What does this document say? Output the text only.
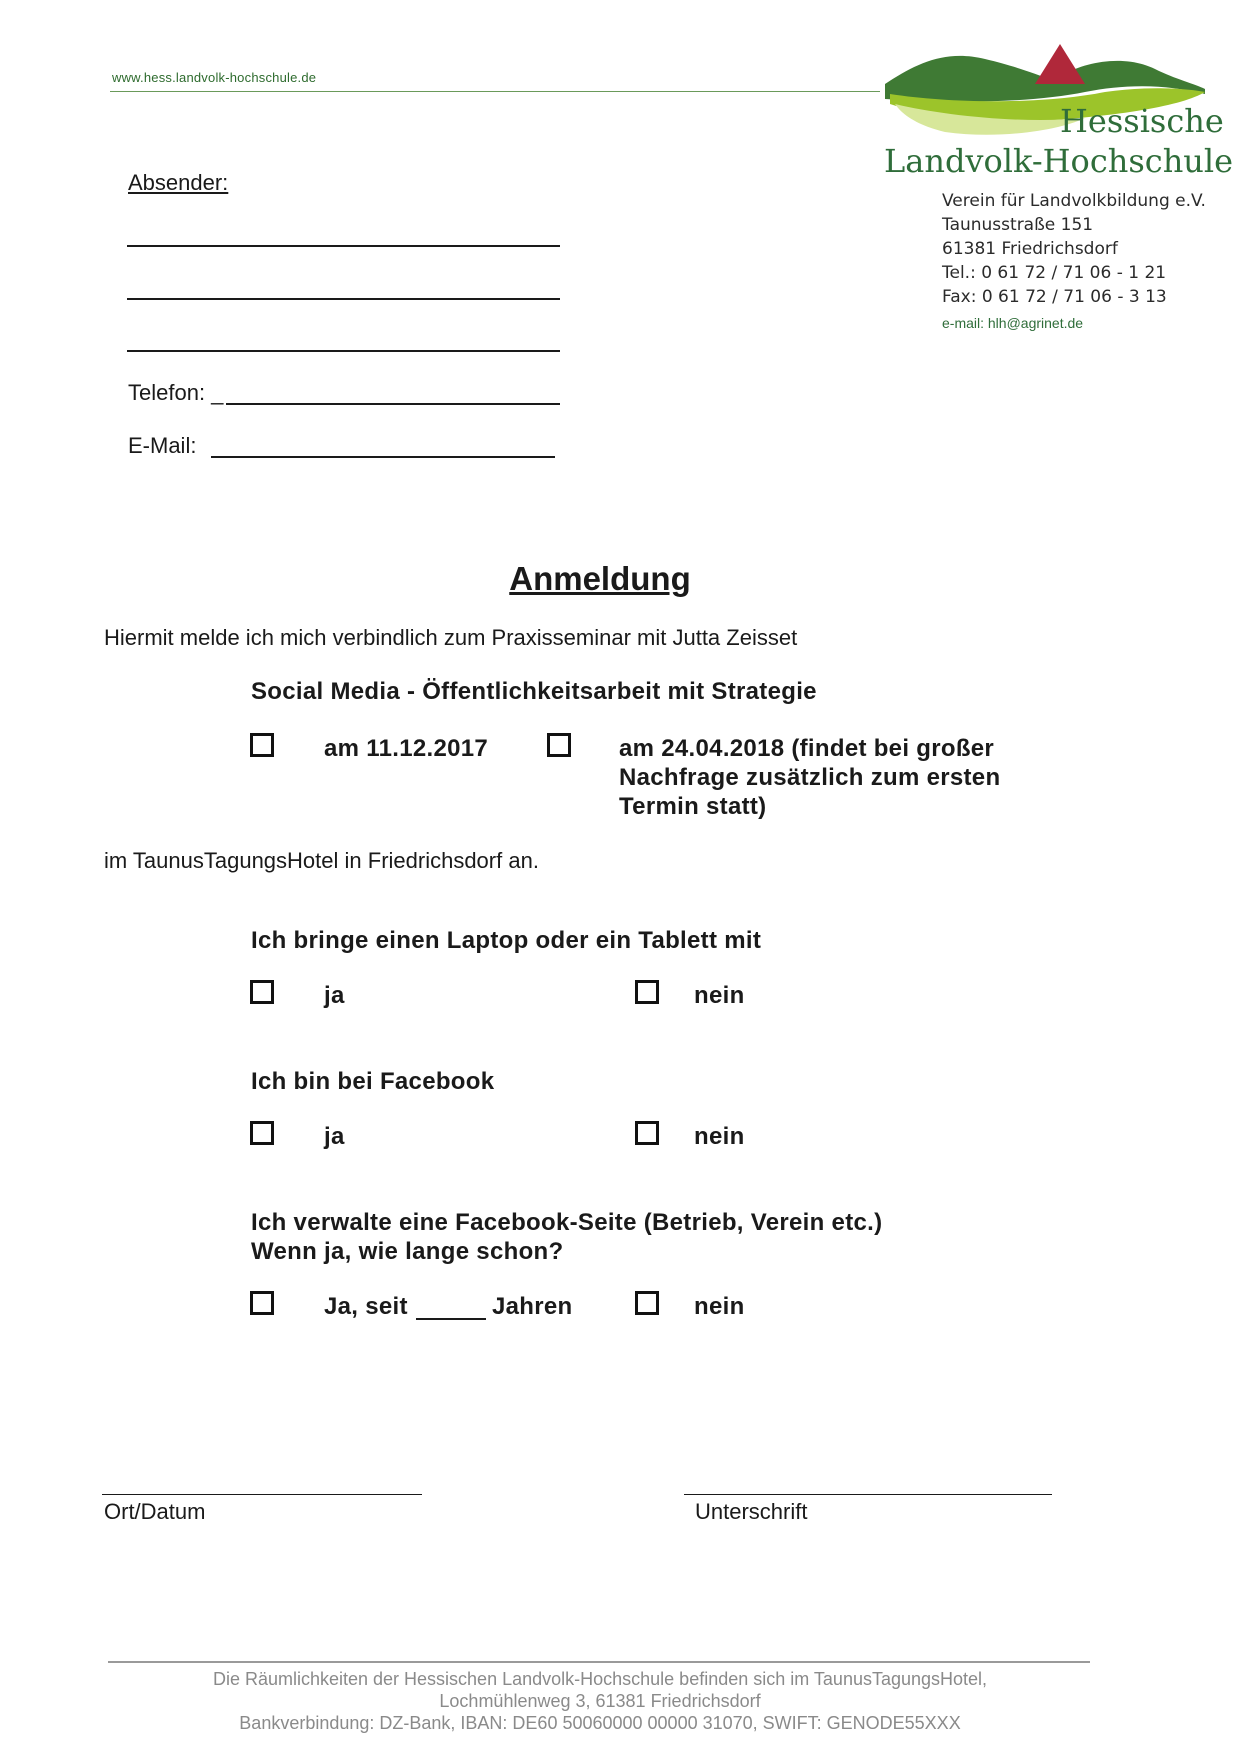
www.hess.landvolk-hochschule.de
Hessische
Landvolk-Hochschule
Verein für Landvolkbildung e.V.
Taunusstraße 151
61381 Friedrichsdorf
Tel.: 0 61 72 / 71 06 - 1 21
Fax: 0 61 72 / 71 06 - 3 13
e-mail: hlh@agrinet.de
Absender:
Telefon: _
E-Mail:
Anmeldung
Hiermit melde ich mich verbindlich zum Praxisseminar mit Jutta Zeisset
Social Media - Öffentlichkeitsarbeit mit Strategie
am 11.12.2017	am 24.04.2018 (findet bei großer
Nachfrage zusätzlich zum ersten
Termin statt)
im TaunusTagungsHotel in Friedrichsdorf an.
Ich bringe einen Laptop oder ein Tablett mit
ja	nein
Ich bin bei Facebook
ja	nein
Ich verwalte eine Facebook-Seite (Betrieb, Verein etc.)
Wenn ja, wie lange schon?
Ja, seit	Jahren	nein
Ort/Datum	Unterschrift
Die Räumlichkeiten der Hessischen Landvolk-Hochschule befinden sich im TaunusTagungsHotel,
Lochmühlenweg 3, 61381 Friedrichsdorf
Bankverbindung: DZ-Bank, IBAN: DE60 50060000 00000 31070, SWIFT: GENODE55XXX
